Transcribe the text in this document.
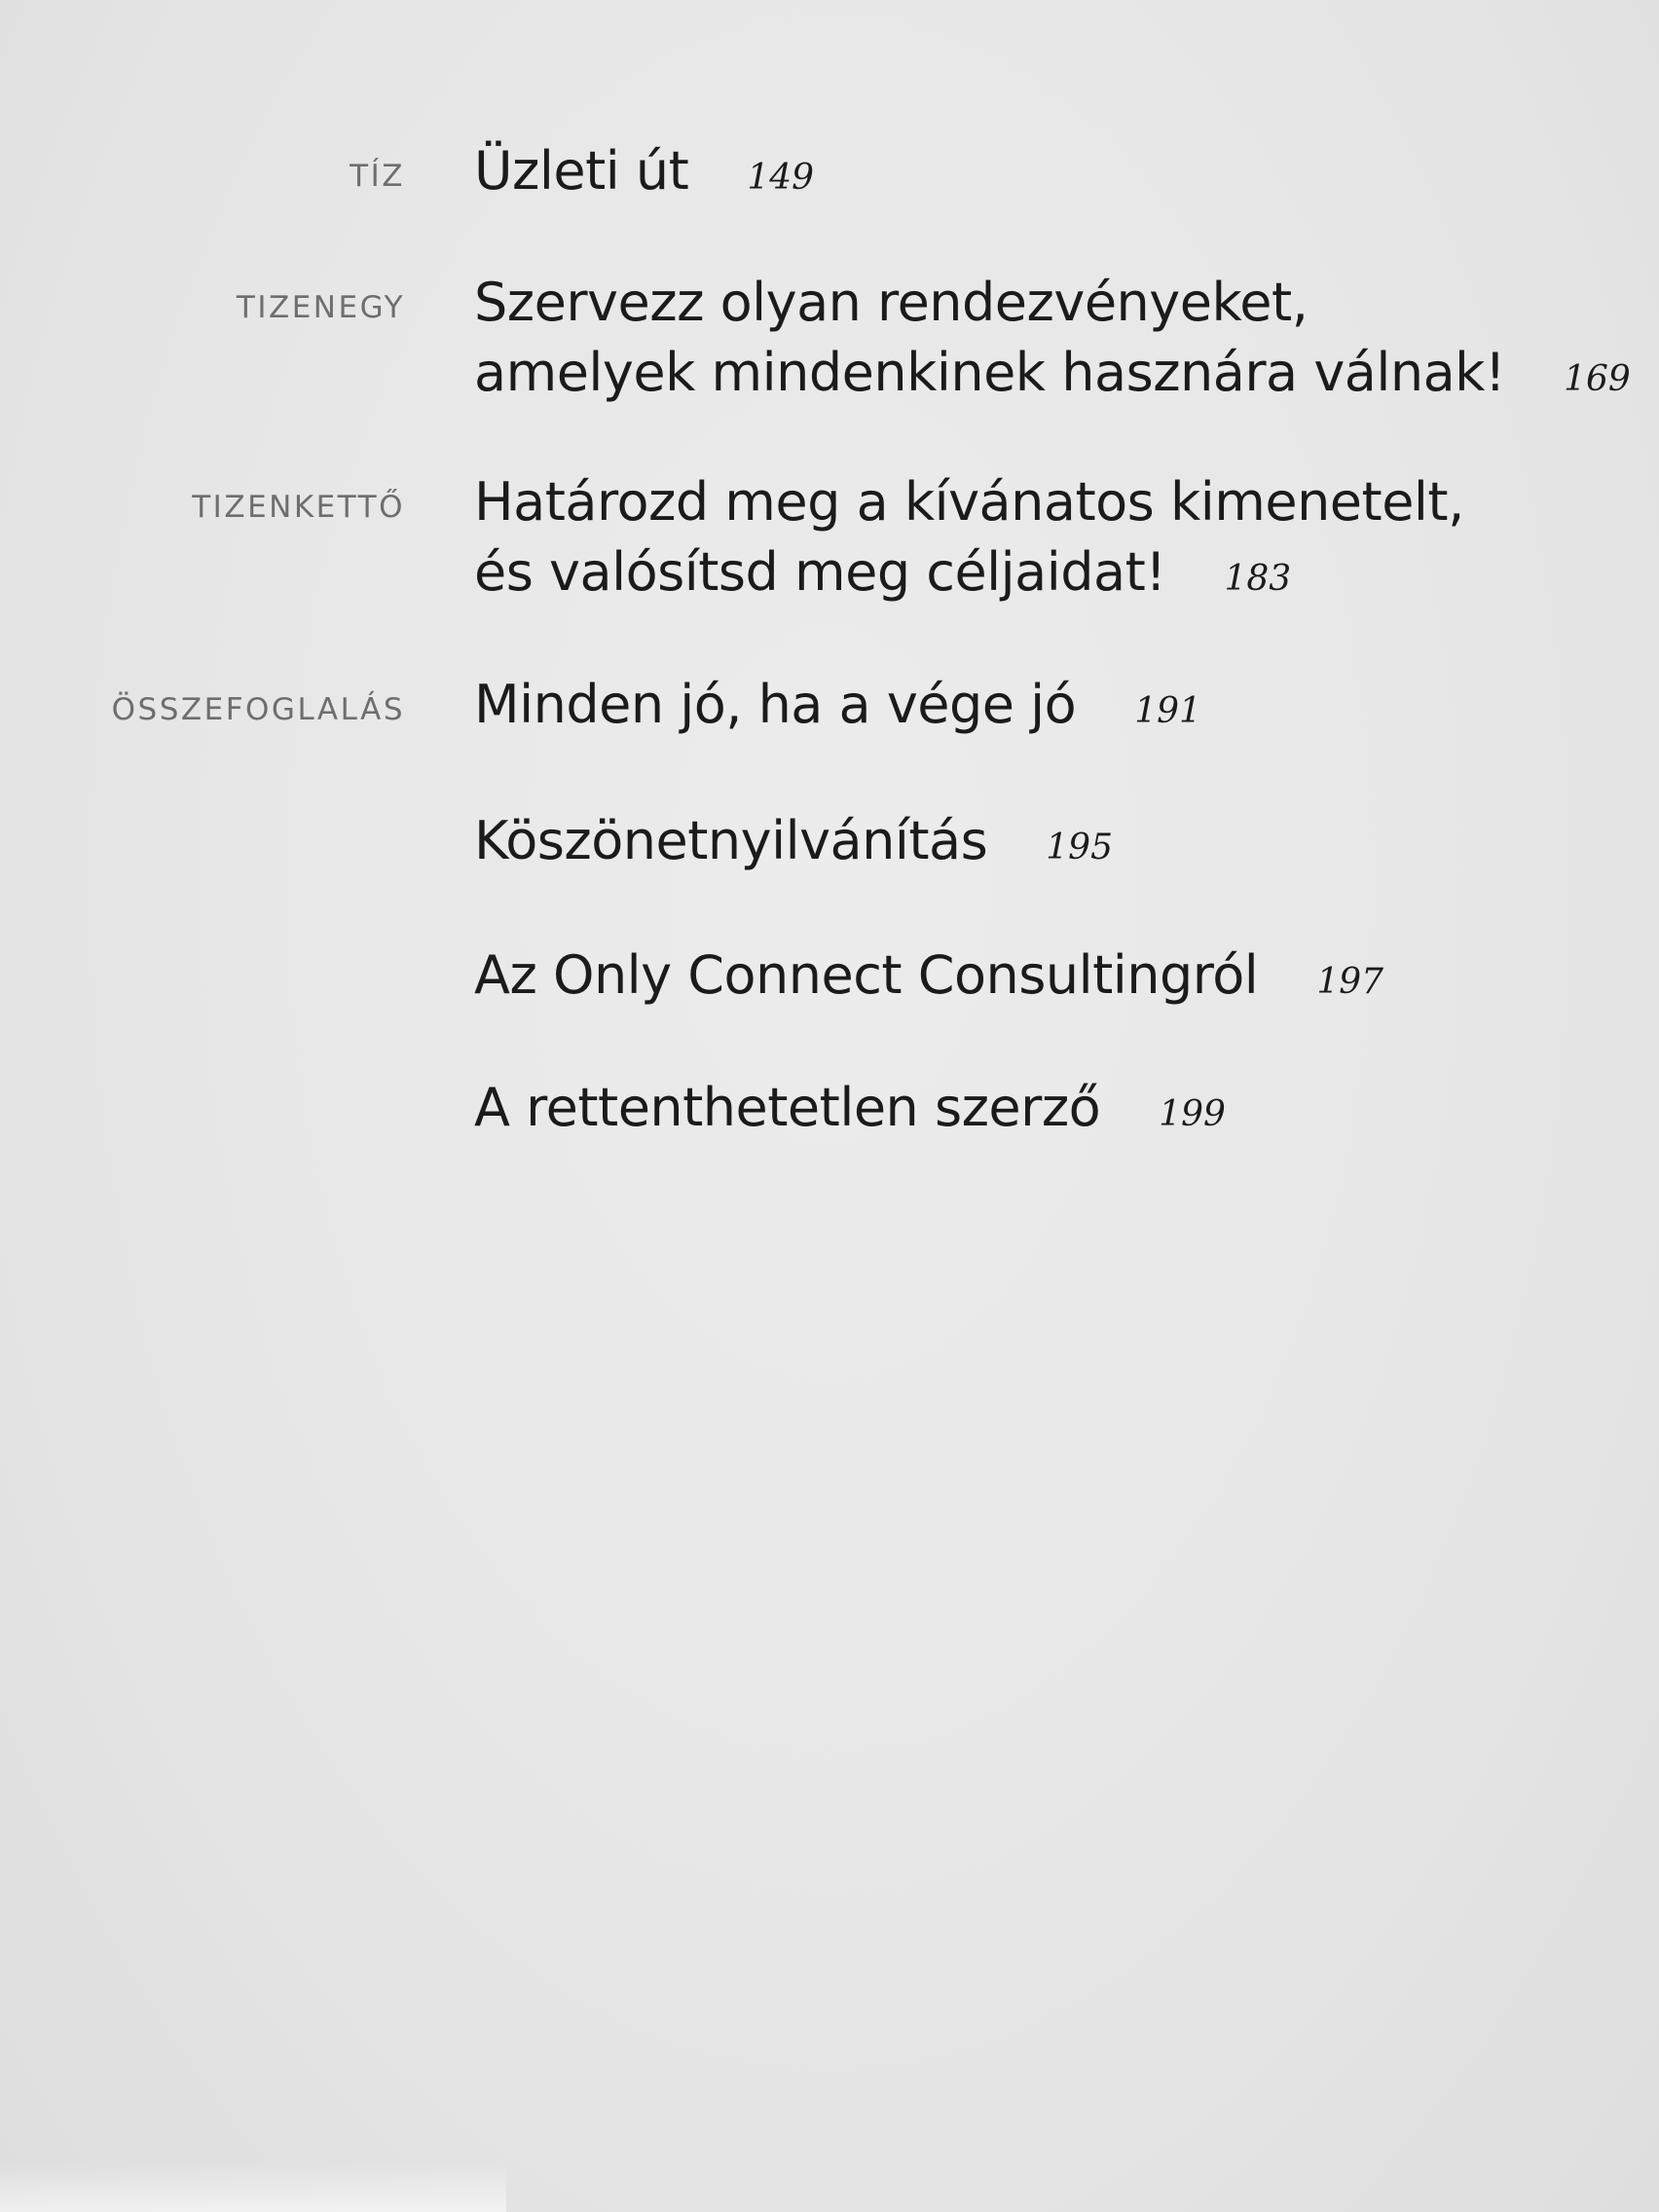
TÍZ Üzleti út 149
TIZENEGY Szervezz olyan rendezvényeket,
amelyek mindenkinek hasznára válnak! 169
TIZENKETTŐ Határozd meg a kívánatos kimenetelt,
és valósítsd meg céljaidat! 183
ÖSSZEFOGLALÁS Minden jó, ha a vége jó 191
Köszönetnyilvánítás 195
Az Only Connect Consultingról 197
A rettenthetetlen szerző 199
